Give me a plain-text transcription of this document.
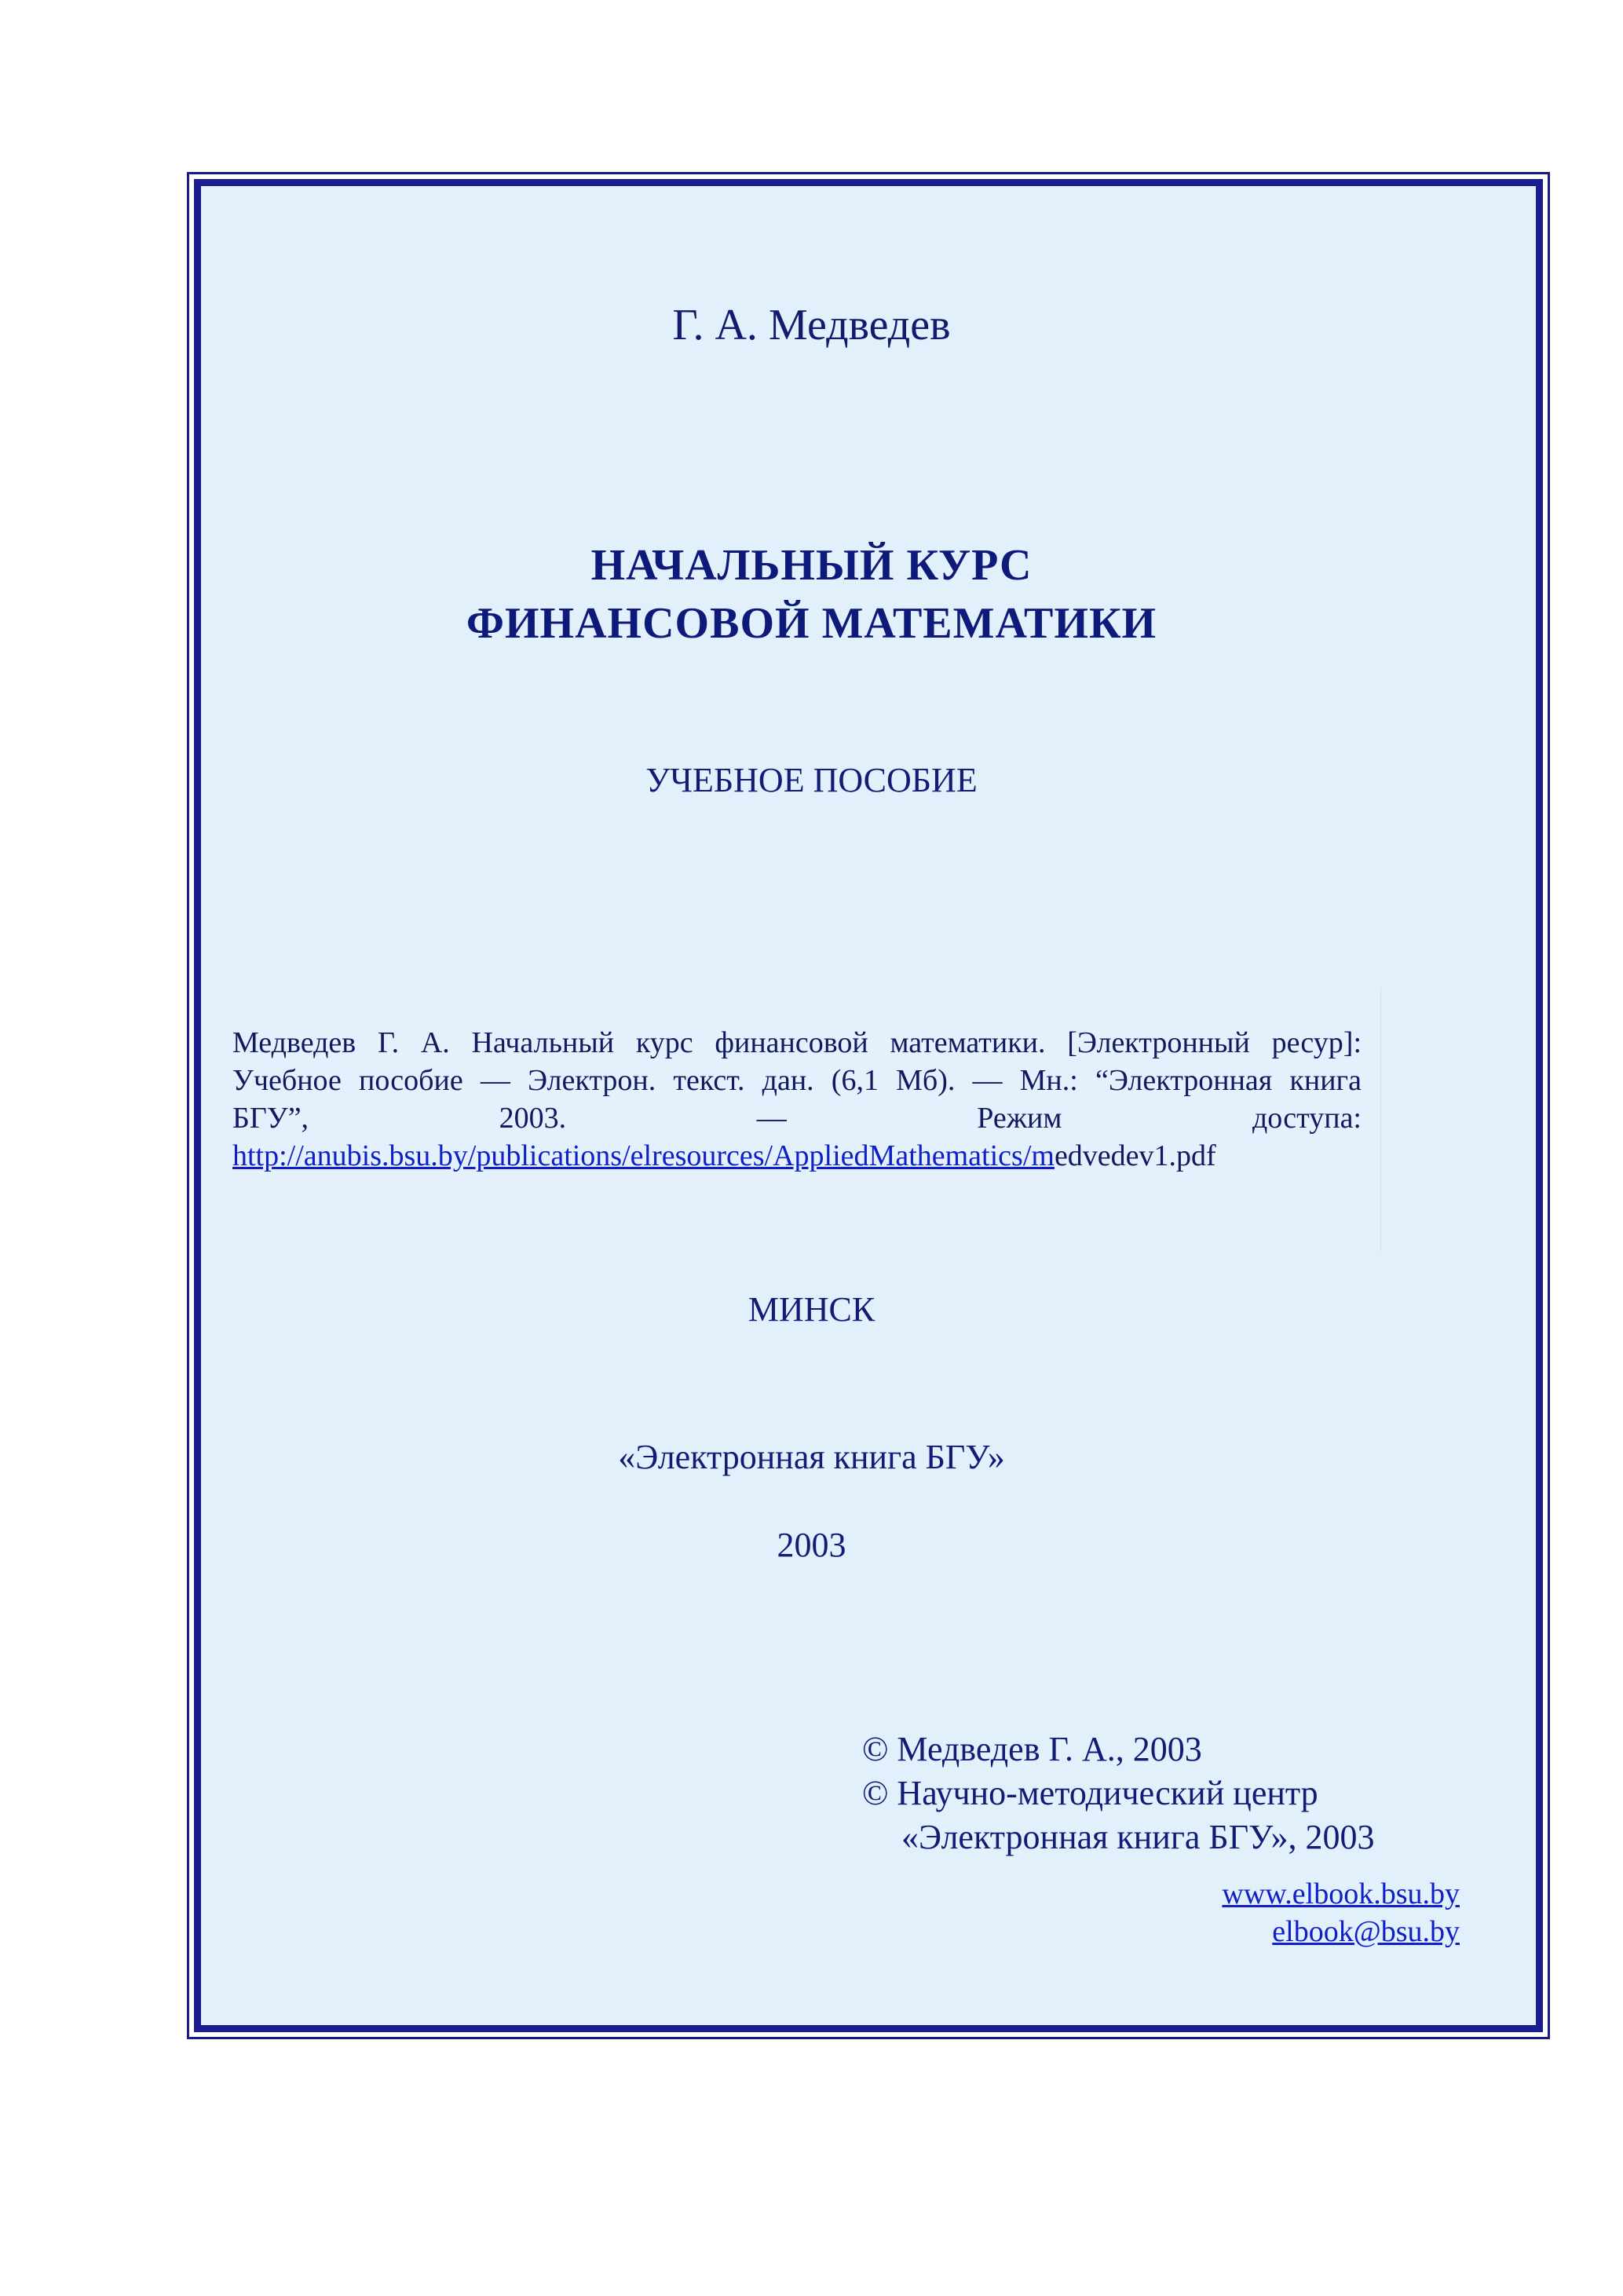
Г. А. Медведев
НАЧАЛЬНЫЙ КУРС
ФИНАНСОВОЙ МАТЕМАТИКИ
УЧЕБНОЕ ПОСОБИЕ
Медведев Г. А. Начальный курс финансовой математики. [Электронный ресур]:
Учебное пособие — Электрон. текст. дан. (6,1 Мб). — Мн.: “Электронная книга
БГУ”, 2003. — Режим доступа:
http://anubis.bsu.by/publications/elresources/AppliedMathematics/medvedev1.pdf
МИНСК
«Электронная книга БГУ»
2003
© Медведев Г. А., 2003
© Научно-методический центр
«Электронная книга БГУ», 2003
www.elbook.bsu.by
elbook@bsu.by
